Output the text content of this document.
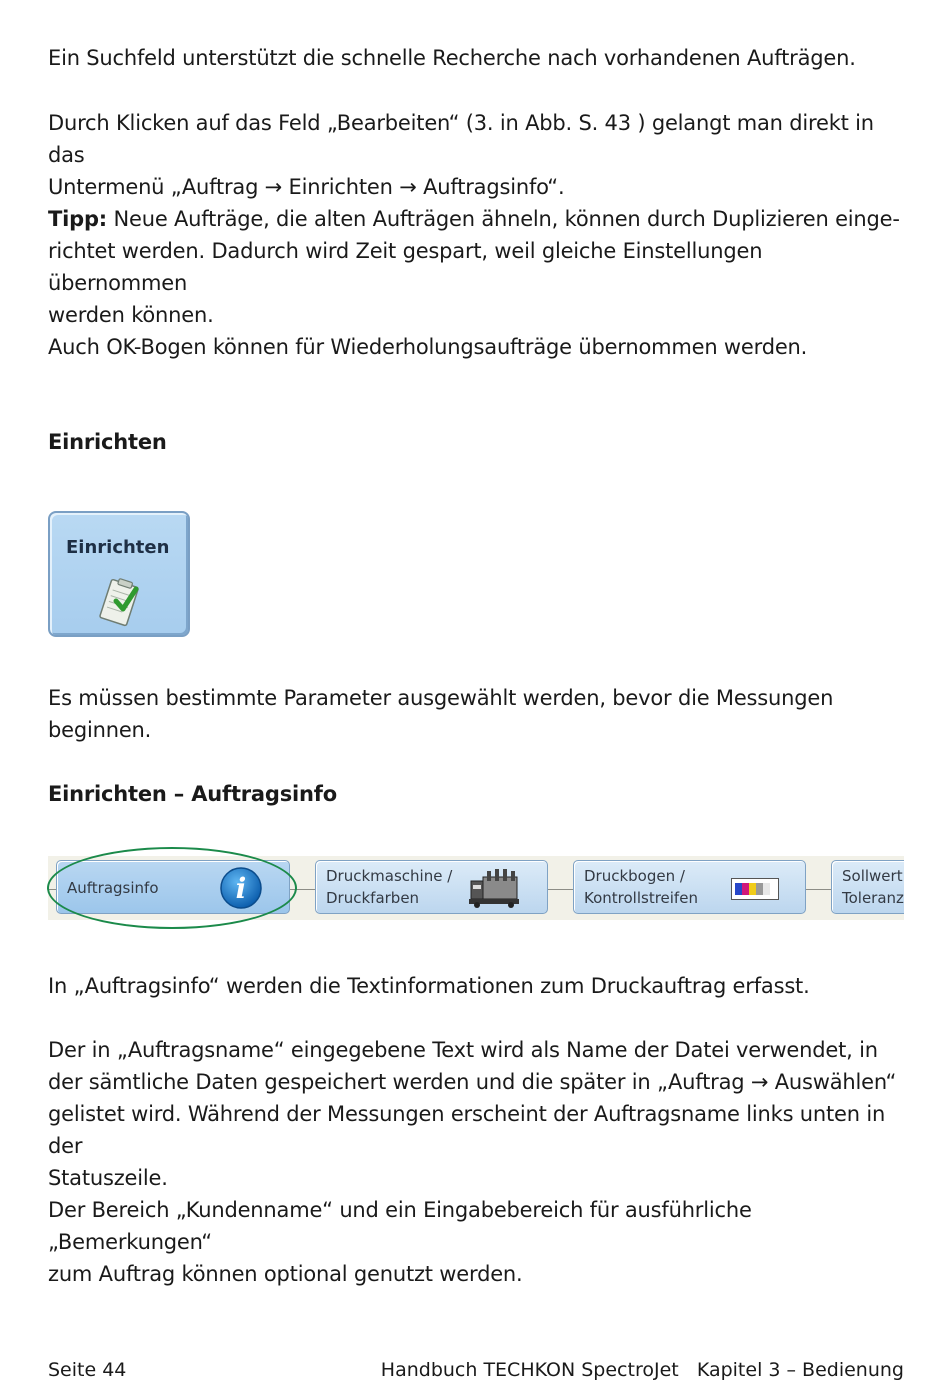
Ein Suchfeld unterstützt die schnelle Recherche nach vorhandenen Aufträgen.

Durch Klicken auf das Feld „Bearbeiten“ (3. in Abb. S. 43 ) gelangt man direkt in das
Untermenü „Auftrag → Einrichten → Auftragsinfo“.

Tipp: Neue Aufträge, die alten Aufträgen ähneln, können durch Duplizieren einge-
richtet werden. Dadurch wird Zeit gespart, weil gleiche Einstellungen übernommen
werden können.

Auch OK-Bogen können für Wiederholungsaufträge übernommen werden.

Einrichten

Es müssen bestimmte Parameter ausgewählt werden, bevor die Messungen beginnen.

Einrichten – Auftragsinfo

In „Auftragsinfo“ werden die Textinformationen zum Druckauftrag erfasst.

Der in „Auftragsname“ eingegebene Text wird als Name der Datei verwendet, in
der sämtliche Daten gespeichert werden und die später in „Auftrag → Auswählen“
gelistet wird. Während der Messungen erscheint der Auftragsname links unten in der
Statuszeile.

Der Bereich „Kundenname“ und ein Eingabebereich für ausführliche „Bemerkungen“
zum Auftrag können optional genutzt werden.

Einrichten
Auftragsinfo	i	Druckmaschine /
Druckfarben
Druckbogen /
Kontrollstreifen
Sollwert
Toleranz
Seite 44	Handbuch TECHKON SpectroJet   Kapitel 3 – Bedienung
